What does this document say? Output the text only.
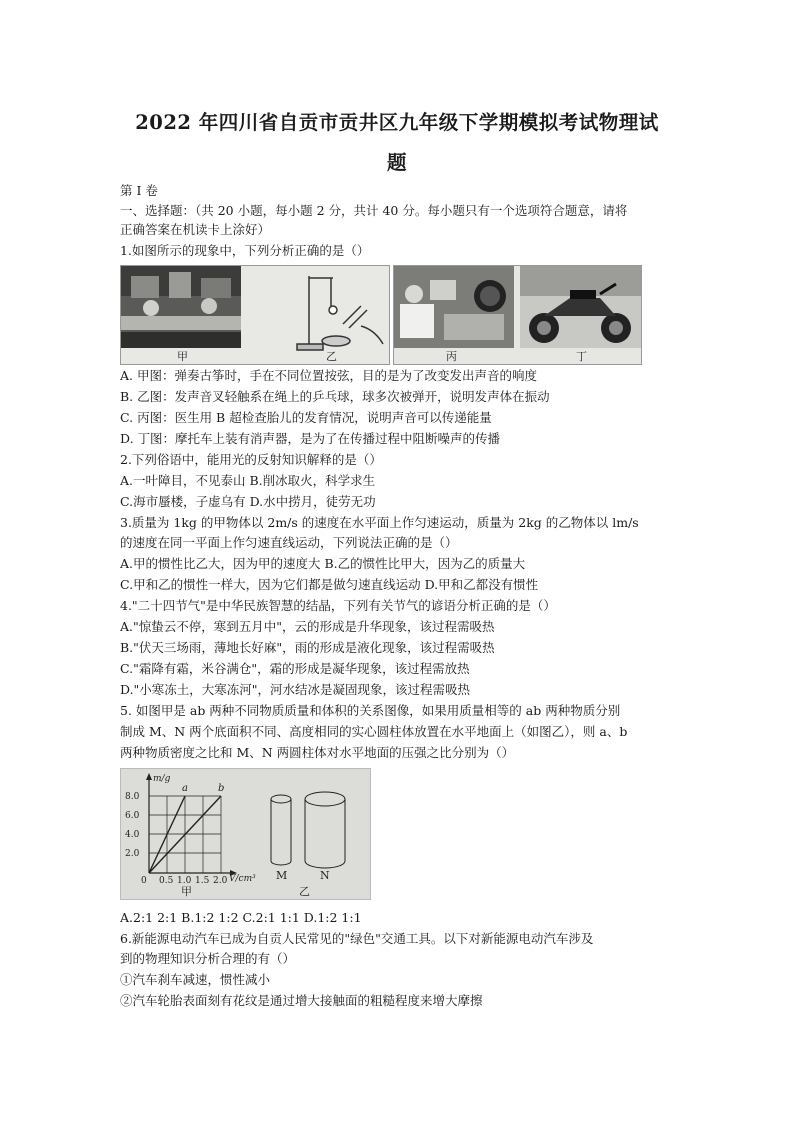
2022 年四川省自贡市贡井区九年级下学期模拟考试物理试
题
第 I 卷
一、选择题：（共 20 小题，每小题 2 分，共计 40 分。每小题只有一个选项符合题意，请将
正确答案在机读卡上涂好）
1.如图所示的现象中，下列分析正确的是（）
甲	乙	丙	丁
A. 甲图：弹奏古筝时，手在不同位置按弦，目的是为了改变发出声音的响度
B. 乙图：发声音叉轻触系在绳上的乒乓球，球多次被弹开，说明发声体在振动
C. 丙图：医生用 B 超检查胎儿的发育情况，说明声音可以传递能量
D. 丁图：摩托车上装有消声器，是为了在传播过程中阻断噪声的传播
2.下列俗语中，能用光的反射知识解释的是（）
A.一叶障目，不见泰山 B.削冰取火，科学求生
C.海市蜃楼，子虚乌有 D.水中捞月，徒劳无功
3.质量为 1kg 的甲物体以 2m/s 的速度在水平面上作匀速运动，质量为 2kg 的乙物体以 lm/s
的速度在同一平面上作匀速直线运动，下列说法正确的是（）
A.甲的惯性比乙大，因为甲的速度大 B.乙的惯性比甲大，因为乙的质量大
C.甲和乙的惯性一样大，因为它们都是做匀速直线运动 D.甲和乙都没有惯性
4."二十四节气"是中华民族智慧的结晶，下列有关节气的谚语分析正确的是（）
A."惊蛰云不停，寒到五月中"，云的形成是升华现象，该过程需吸热
B."伏天三场雨，薄地长好麻"，雨的形成是液化现象，该过程需吸热
C."霜降有霜，米谷满仓"，霜的形成是凝华现象，该过程需放热
D."小寒冻土，大寒冻河"，河水结冰是凝固现象，该过程需吸热
5. 如图甲是 ab 两种不同物质质量和体积的关系图像，如果用质量相等的 ab 两种物质分别
制成 M、N 两个底面积不同、高度相同的实心圆柱体放置在水平地面上（如图乙），则 a、b
两种物质密度之比和 M、N 两圆柱体对水平地面的压强之比分别为（）
m/g
8.0
6.0
4.0
2.0
0 0.5 1.0 1.5 2.0 V/cm³
a	b
甲
M	N
乙
A.2:1 2:1 B.1:2 1:2 C.2:1 1:1 D.1:2 1:1
6.新能源电动汽车已成为自贡人民常见的"绿色"交通工具。以下对新能源电动汽车涉及
到的物理知识分析合理的有（）
①汽车刹车减速，惯性减小
②汽车轮胎表面刻有花纹是通过增大接触面的粗糙程度来增大摩擦
